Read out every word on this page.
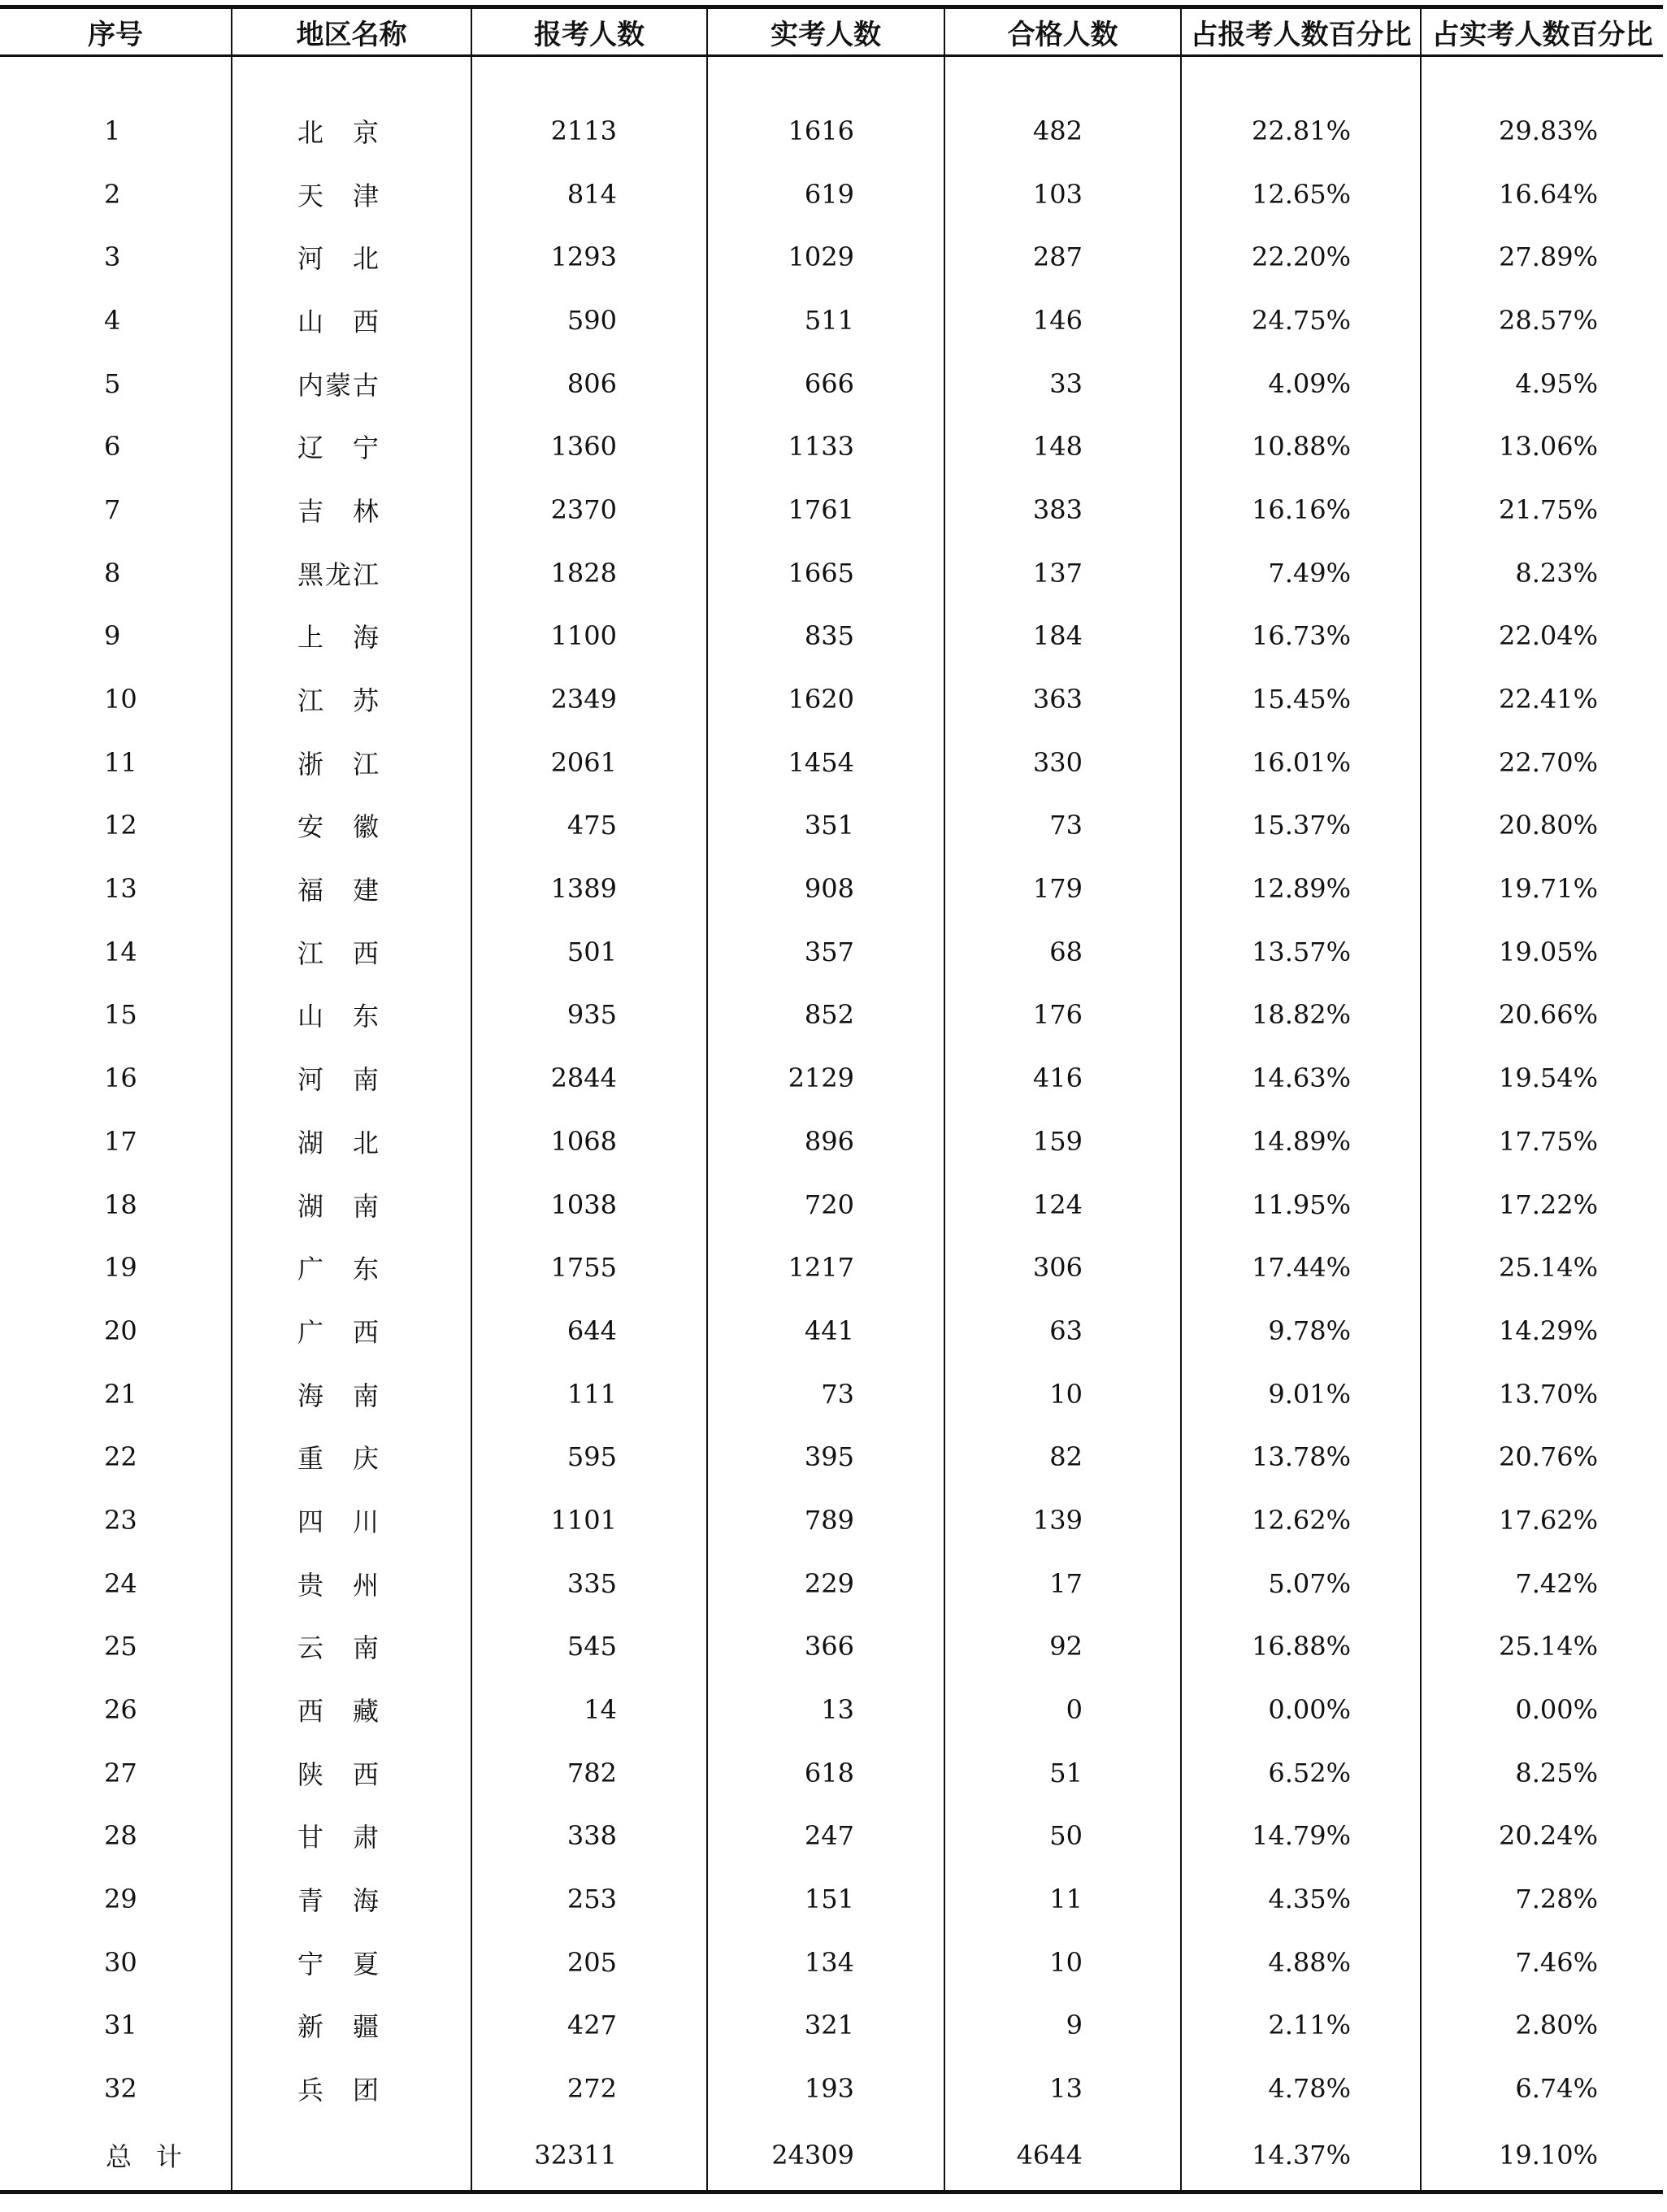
序号	地区名称	报考人数	实考人数	合格人数	占报考人数百分比	占实考人数百分比

1	北　京	2113	1616	482	22.81%	29.83%
2	天　津	814	619	103	12.65%	16.64%
3	河　北	1293	1029	287	22.20%	27.89%
4	山　西	590	511	146	24.75%	28.57%
5	内蒙古	806	666	33	4.09%	4.95%
6	辽　宁	1360	1133	148	10.88%	13.06%
7	吉　林	2370	1761	383	16.16%	21.75%
8	黑龙江	1828	1665	137	7.49%	8.23%
9	上　海	1100	835	184	16.73%	22.04%
10	江　苏	2349	1620	363	15.45%	22.41%
11	浙　江	2061	1454	330	16.01%	22.70%
12	安　徽	475	351	73	15.37%	20.80%
13	福　建	1389	908	179	12.89%	19.71%
14	江　西	501	357	68	13.57%	19.05%
15	山　东	935	852	176	18.82%	20.66%
16	河　南	2844	2129	416	14.63%	19.54%
17	湖　北	1068	896	159	14.89%	17.75%
18	湖　南	1038	720	124	11.95%	17.22%
19	广　东	1755	1217	306	17.44%	25.14%
20	广　西	644	441	63	9.78%	14.29%
21	海　南	111	73	10	9.01%	13.70%
22	重　庆	595	395	82	13.78%	20.76%
23	四　川	1101	789	139	12.62%	17.62%
24	贵　州	335	229	17	5.07%	7.42%
25	云　南	545	366	92	16.88%	25.14%
26	西　藏	14	13	0	0.00%	0.00%
27	陕　西	782	618	51	6.52%	8.25%
28	甘　肃	338	247	50	14.79%	20.24%
29	青　海	253	151	11	4.35%	7.28%
30	宁　夏	205	134	10	4.88%	7.46%
31	新　疆	427	321	9	2.11%	2.80%
32	兵　团	272	193	13	4.78%	6.74%
总计		32311	24309	4644	14.37%	19.10%
